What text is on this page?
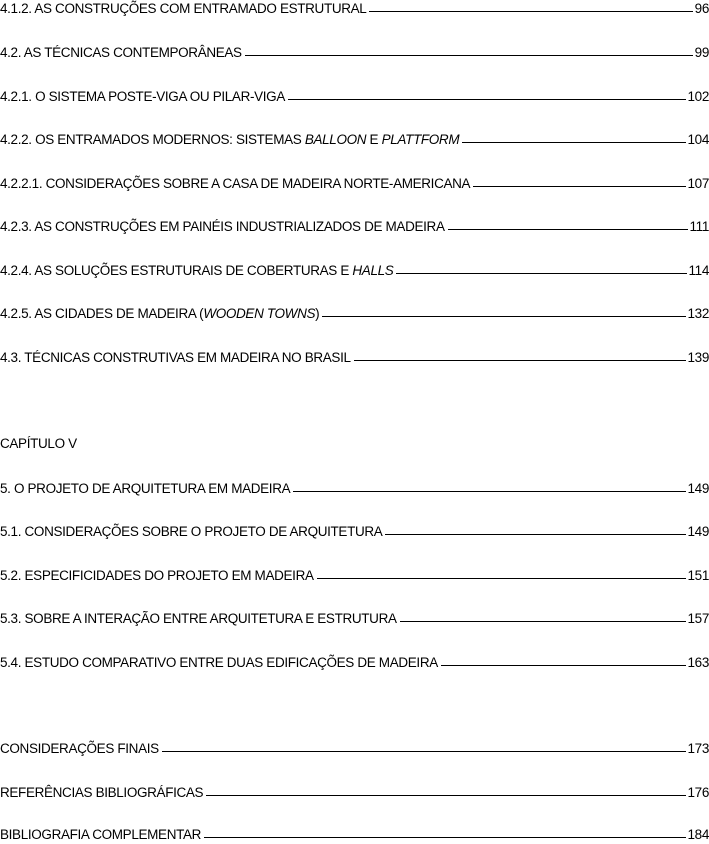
4.1.2. AS CONSTRUÇÕES COM ENTRAMADO ESTRUTURAL	96
4.2. AS TÉCNICAS CONTEMPORÂNEAS	99
4.2.1. O SISTEMA POSTE-VIGA OU PILAR-VIGA	102
4.2.2. OS ENTRAMADOS MODERNOS: SISTEMAS BALLOON E PLATTFORM	104
4.2.2.1. CONSIDERAÇÕES SOBRE A CASA DE MADEIRA NORTE-AMERICANA	107
4.2.3. AS CONSTRUÇÕES EM PAINÉIS INDUSTRIALIZADOS DE MADEIRA	111
4.2.4. AS SOLUÇÕES ESTRUTURAIS DE COBERTURAS E HALLS	114
4.2.5. AS CIDADES DE MADEIRA (WOODEN TOWNS)	132
4.3. TÉCNICAS CONSTRUTIVAS EM MADEIRA NO BRASIL	139
CAPÍTULO V
5. O PROJETO DE ARQUITETURA EM MADEIRA	149
5.1. CONSIDERAÇÕES SOBRE O PROJETO DE ARQUITETURA	149
5.2. ESPECIFICIDADES DO PROJETO EM MADEIRA	151
5.3. SOBRE A INTERAÇÃO ENTRE ARQUITETURA E ESTRUTURA	157
5.4. ESTUDO COMPARATIVO ENTRE DUAS EDIFICAÇÕES DE MADEIRA	163
CONSIDERAÇÕES FINAIS	173
REFERÊNCIAS BIBLIOGRÁFICAS	176
BIBLIOGRAFIA COMPLEMENTAR	184
